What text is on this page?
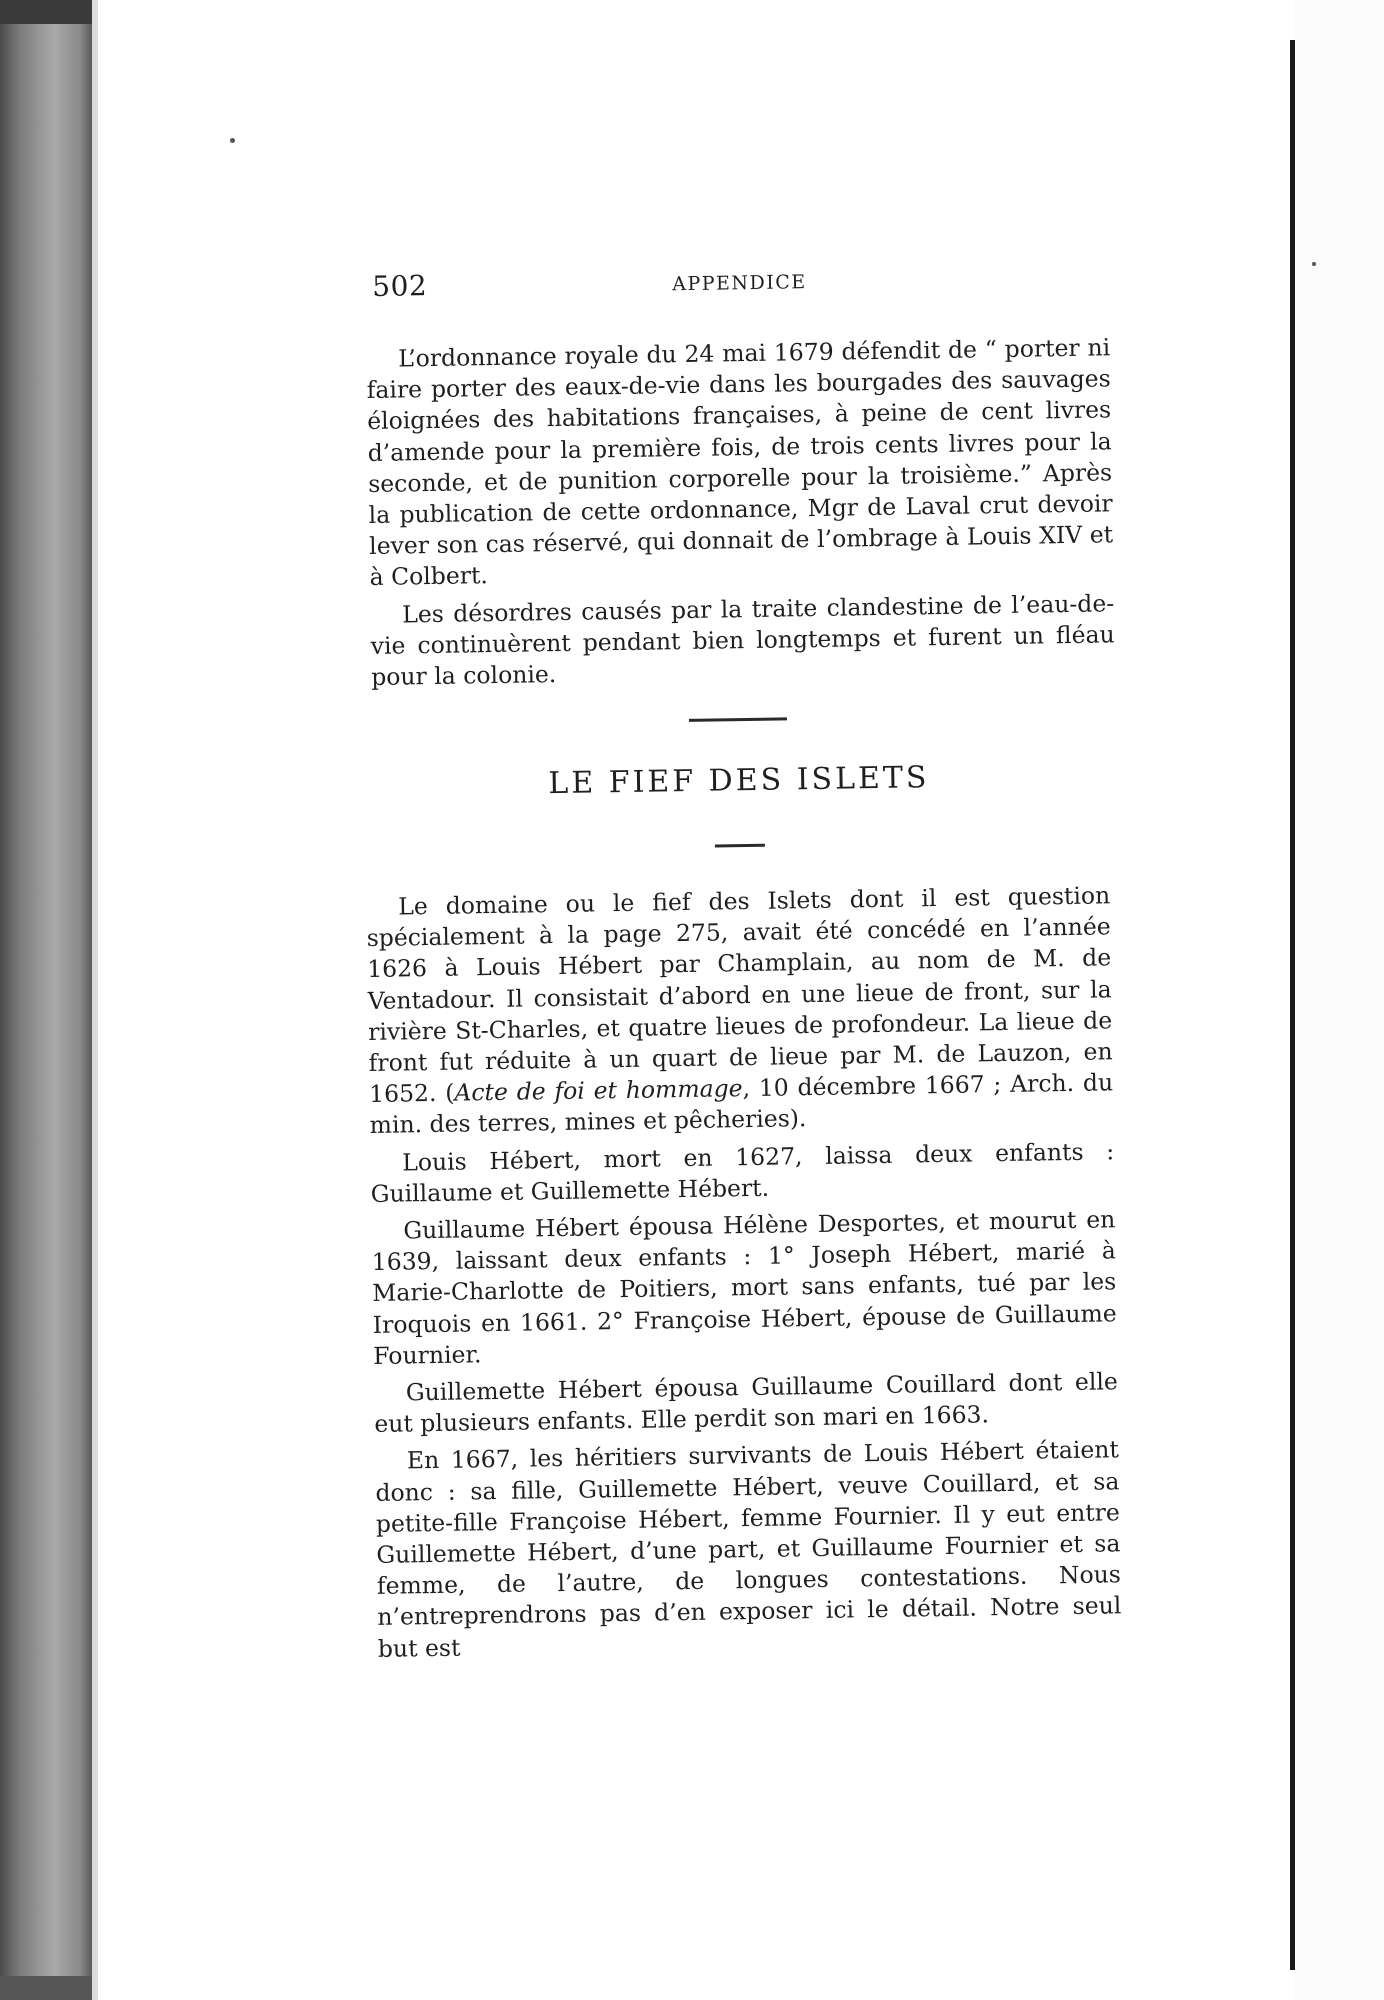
502	APPENDICE

L’ordonnance royale du 24 mai 1679 défendit de “ porter ni faire porter des eaux-de-vie dans les bourgades des sauvages éloignées des habitations françaises, à peine de cent livres d’amende pour la première fois, de trois cents livres pour la seconde, et de punition corporelle pour la troisième.” Après la publication de cette ordonnance, Mgr de Laval crut devoir lever son cas réservé, qui donnait de l’ombrage à Louis XIV et à Colbert.

Les désordres causés par la traite clandestine de l’eau-de-vie continuèrent pendant bien longtemps et furent un fléau pour la colonie.

LE FIEF DES ISLETS

Le domaine ou le fief des Islets dont il est question spécialement à la page 275, avait été concédé en l’année 1626 à Louis Hébert par Champlain, au nom de M. de Ventadour. Il consistait d’abord en une lieue de front, sur la rivière St-Charles, et quatre lieues de profondeur. La lieue de front fut réduite à un quart de lieue par M. de Lauzon, en 1652. (Acte de foi et hommage, 10 décembre 1667 ; Arch. du min. des terres, mines et pêcheries).

Louis Hébert, mort en 1627, laissa deux enfants : Guillaume et Guillemette Hébert.

Guillaume Hébert épousa Hélène Desportes, et mourut en 1639, laissant deux enfants : 1° Joseph Hébert, marié à Marie-Charlotte de Poitiers, mort sans enfants, tué par les Iroquois en 1661. 2° Françoise Hébert, épouse de Guillaume Fournier.

Guillemette Hébert épousa Guillaume Couillard dont elle eut plusieurs enfants. Elle perdit son mari en 1663.

En 1667, les héritiers survivants de Louis Hébert étaient donc : sa fille, Guillemette Hébert, veuve Couillard, et sa petite-fille Françoise Hébert, femme Fournier. Il y eut entre Guillemette Hébert, d’une part, et Guillaume Fournier et sa femme, de l’autre, de longues contestations. Nous n’entreprendrons pas d’en exposer ici le détail. Notre seul but est
